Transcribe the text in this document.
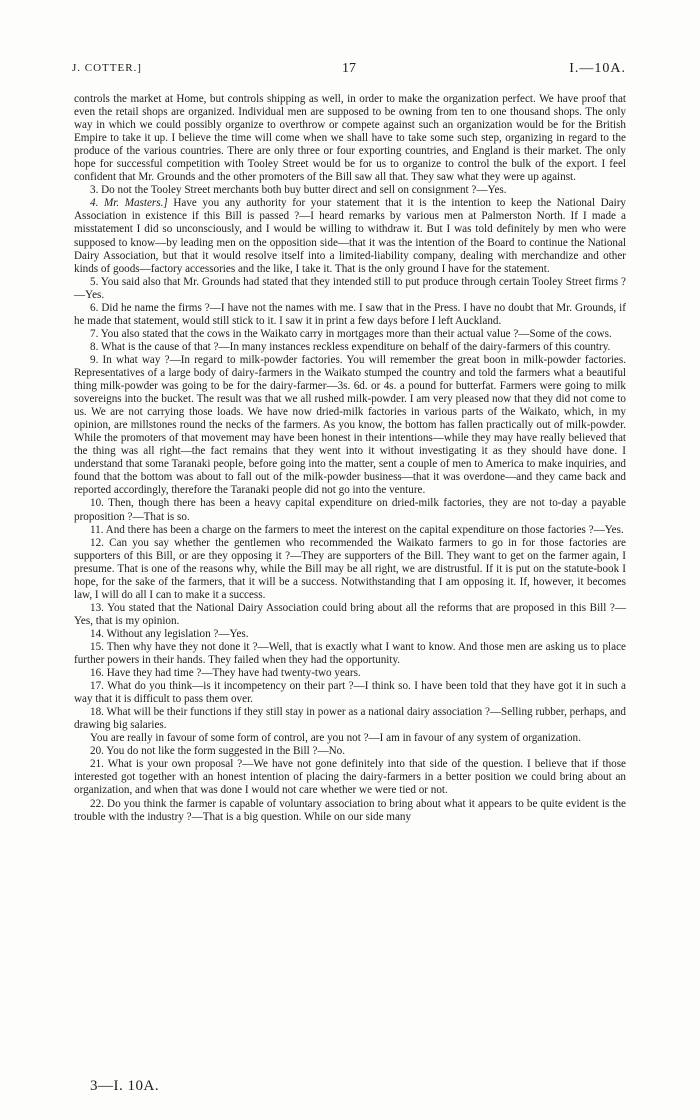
J. COTTER.]	17	I.—10A.

controls the market at Home, but controls shipping as well, in order to make the organization perfect. We have proof that even the retail shops are organized. Individual men are supposed to be owning from ten to one thousand shops. The only way in which we could possibly organize to overthrow or compete against such an organization would be for the British Empire to take it up. I believe the time will come when we shall have to take some such step, organizing in regard to the produce of the various countries. There are only three or four exporting countries, and England is their market. The only hope for successful competition with Tooley Street would be for us to organize to control the bulk of the export. I feel confident that Mr. Grounds and the other promoters of the Bill saw all that. They saw what they were up against.

3. Do not the Tooley Street merchants both buy butter direct and sell on consignment ?—Yes.

4. Mr. Masters.] Have you any authority for your statement that it is the intention to keep the National Dairy Association in existence if this Bill is passed ?—I heard remarks by various men at Palmerston North. If I made a misstatement I did so unconsciously, and I would be willing to withdraw it. But I was told definitely by men who were supposed to know—by leading men on the opposition side—that it was the intention of the Board to continue the National Dairy Association, but that it would resolve itself into a limited-liability company, dealing with merchandize and other kinds of goods—factory accessories and the like, I take it. That is the only ground I have for the statement.

5. You said also that Mr. Grounds had stated that they intended still to put produce through certain Tooley Street firms ?—Yes.

6. Did he name the firms ?—I have not the names with me. I saw that in the Press. I have no doubt that Mr. Grounds, if he made that statement, would still stick to it. I saw it in print a few days before I left Auckland.

7. You also stated that the cows in the Waikato carry in mortgages more than their actual value ?—Some of the cows.

8. What is the cause of that ?—In many instances reckless expenditure on behalf of the dairy-farmers of this country.

9. In what way ?—In regard to milk-powder factories. You will remember the great boon in milk-powder factories. Representatives of a large body of dairy-farmers in the Waikato stumped the country and told the farmers what a beautiful thing milk-powder was going to be for the dairy-farmer—3s. 6d. or 4s. a pound for butterfat. Farmers were going to milk sovereigns into the bucket. The result was that we all rushed milk-powder. I am very pleased now that they did not come to us. We are not carrying those loads. We have now dried-milk factories in various parts of the Waikato, which, in my opinion, are millstones round the necks of the farmers. As you know, the bottom has fallen practically out of milk-powder. While the promoters of that movement may have been honest in their intentions—while they may have really believed that the thing was all right—the fact remains that they went into it without investigating it as they should have done. I understand that some Taranaki people, before going into the matter, sent a couple of men to America to make inquiries, and found that the bottom was about to fall out of the milk-powder business—that it was overdone—and they came back and reported accordingly, therefore the Taranaki people did not go into the venture.

10. Then, though there has been a heavy capital expenditure on dried-milk factories, they are not to-day a payable proposition ?—That is so.

11. And there has been a charge on the farmers to meet the interest on the capital expenditure on those factories ?—Yes.

12. Can you say whether the gentlemen who recommended the Waikato farmers to go in for those factories are supporters of this Bill, or are they opposing it ?—They are supporters of the Bill. They want to get on the farmer again, I presume. That is one of the reasons why, while the Bill may be all right, we are distrustful. If it is put on the statute-book I hope, for the sake of the farmers, that it will be a success. Notwithstanding that I am opposing it. If, however, it becomes law, I will do all I can to make it a success.

13. You stated that the National Dairy Association could bring about all the reforms that are proposed in this Bill ?—Yes, that is my opinion.

14. Without any legislation ?—Yes.

15. Then why have they not done it ?—Well, that is exactly what I want to know. And those men are asking us to place further powers in their hands. They failed when they had the opportunity.

16. Have they had time ?—They have had twenty-two years.

17. What do you think—is it incompetency on their part ?—I think so. I have been told that they have got it in such a way that it is difficult to pass them over.

18. What will be their functions if they still stay in power as a national dairy association ?—Selling rubber, perhaps, and drawing big salaries.

You are really in favour of some form of control, are you not ?—I am in favour of any system of organization.

20. You do not like the form suggested in the Bill ?—No.

21. What is your own proposal ?—We have not gone definitely into that side of the question. I believe that if those interested got together with an honest intention of placing the dairy-farmers in a better position we could bring about an organization, and when that was done I would not care whether we were tied or not.

22. Do you think the farmer is capable of voluntary association to bring about what it appears to be quite evident is the trouble with the industry ?—That is a big question. While on our side many

3—I. 10A.
